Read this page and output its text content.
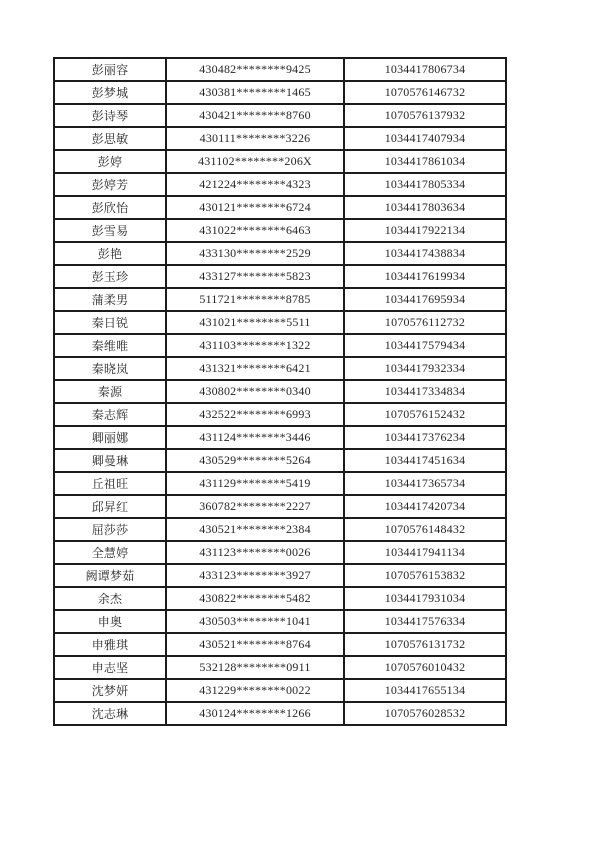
彭丽容	430482********9425	1034417806734
彭梦城	430381********1465	1070576146732
彭诗琴	430421********8760	1070576137932
彭思敏	430111********3226	1034417407934
彭婷	431102********206X	1034417861034
彭婷芳	421224********4323	1034417805334
彭欣怡	430121********6724	1034417803634
彭雪易	431022********6463	1034417922134
彭艳	433130********2529	1034417438834
彭玉珍	433127********5823	1034417619934
蒲柔男	511721********8785	1034417695934
秦日锐	431021********5511	1070576112732
秦维唯	431103********1322	1034417579434
秦晓岚	431321********6421	1034417932334
秦源	430802********0340	1034417334834
秦志辉	432522********6993	1070576152432
卿丽娜	431124********3446	1034417376234
卿曼琳	430529********5264	1034417451634
丘祖旺	431129********5419	1034417365734
邱昇红	360782********2227	1034417420734
屈莎莎	430521********2384	1070576148432
全慧婷	431123********0026	1034417941134
阙谭梦茹	433123********3927	1070576153832
余杰	430822********5482	1034417931034
申奥	430503********1041	1034417576334
申雅琪	430521********8764	1070576131732
申志坚	532128********0911	1070576010432
沈梦妍	431229********0022	1034417655134
沈志琳	430124********1266	1070576028532
